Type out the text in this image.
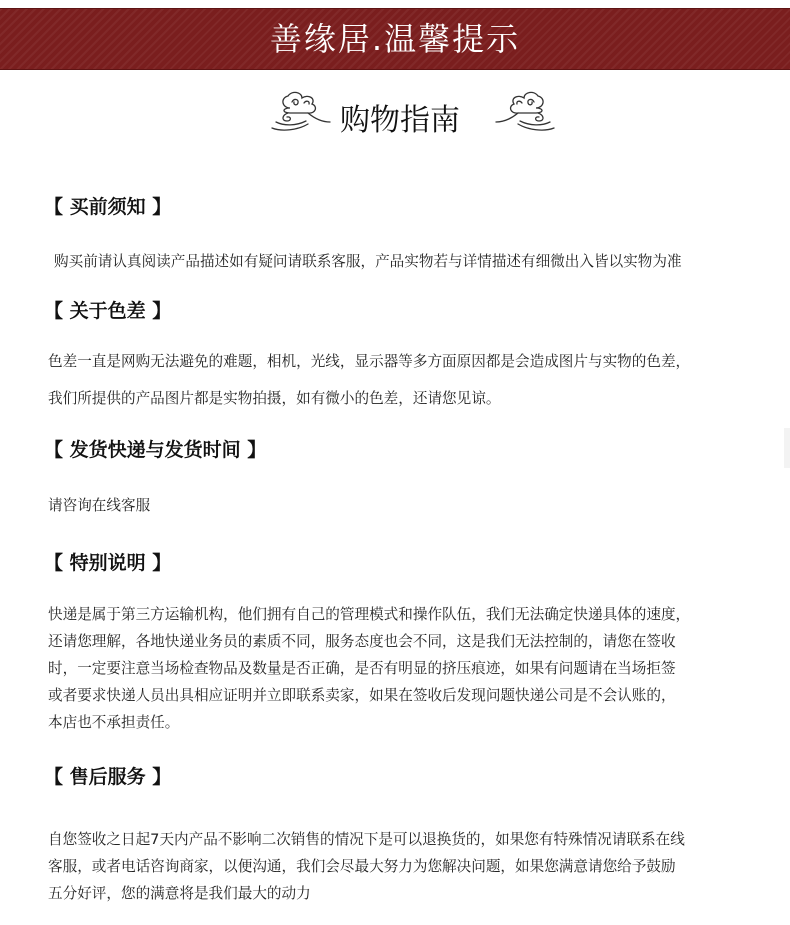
善缘居.温馨提示
购物指南
【 买前须知 】
购买前请认真阅读产品描述如有疑问请联系客服，产品实物若与详情描述有细微出入皆以实物为准
【 关于色差 】
色差一直是网购无法避免的难题，相机，光线，显示器等多方面原因都是会造成图片与实物的色差，
我们所提供的产品图片都是实物拍摄，如有微小的色差，还请您见谅。
【 发货快递与发货时间 】
请咨询在线客服
【 特别说明 】
快递是属于第三方运输机构，他们拥有自己的管理模式和操作队伍，我们无法确定快递具体的速度，
还请您理解，各地快递业务员的素质不同，服务态度也会不同，这是我们无法控制的，请您在签收
时，一定要注意当场检查物品及数量是否正确，是否有明显的挤压痕迹，如果有问题请在当场拒签
或者要求快递人员出具相应证明并立即联系卖家，如果在签收后发现问题快递公司是不会认账的，
本店也不承担责任。
【 售后服务 】
自您签收之日起7天内产品不影响二次销售的情况下是可以退换货的，如果您有特殊情况请联系在线
客服，或者电话咨询商家，以便沟通，我们会尽最大努力为您解决问题，如果您满意请您给予鼓励
五分好评，您的满意将是我们最大的动力
